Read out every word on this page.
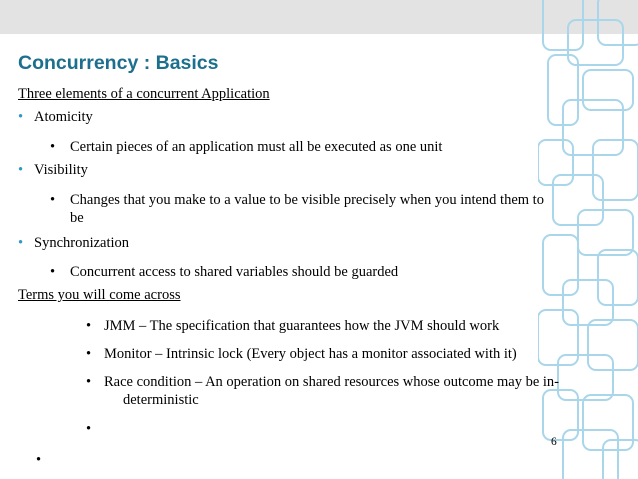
Concurrency : Basics
Three elements of a concurrent Application
• Atomicity
• Certain pieces of an application must all be executed as one unit
• Visibility
• Changes that you make to a value to be visible precisely when you intend them to
be
• Synchronization
• Concurrent access to shared variables should be guarded
Terms you will come across
• JMM – The specification that guarantees how the JVM should work
• Monitor – Intrinsic lock (Every object has a monitor associated with it)
• Race condition – An operation on shared resources whose outcome may be in-
deterministic
•
6
•
